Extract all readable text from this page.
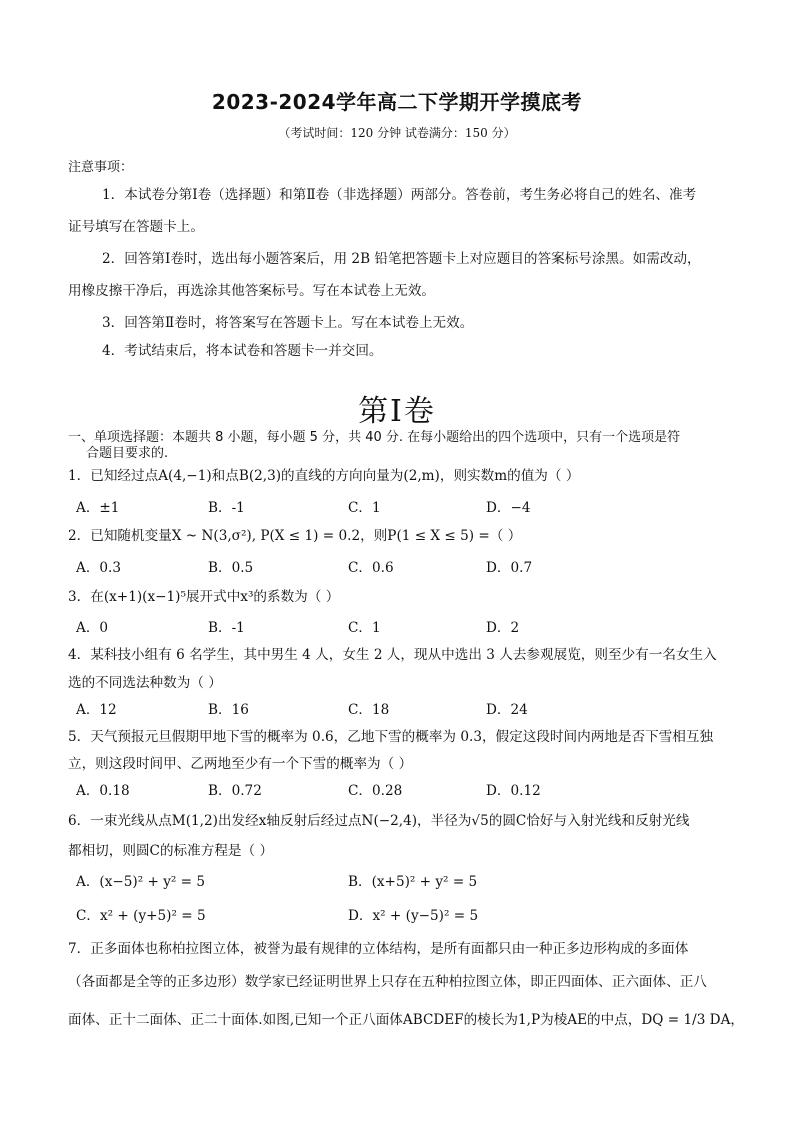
2023-2024学年高二下学期开学摸底考
（考试时间：120 分钟 试卷满分：150 分）
注意事项：
1．本试卷分第Ⅰ卷（选择题）和第Ⅱ卷（非选择题）两部分。答卷前，考生务必将自己的姓名、准考
证号填写在答题卡上。
2．回答第Ⅰ卷时，选出每小题答案后，用 2B 铅笔把答题卡上对应题目的答案标号涂黑。如需改动，
用橡皮擦干净后，再选涂其他答案标号。写在本试卷上无效。
3．回答第Ⅱ卷时，将答案写在答题卡上。写在本试卷上无效。
4．考试结束后，将本试卷和答题卡一并交回。
第Ⅰ卷
一、单项选择题：本题共 8 小题，每小题 5 分，共 40 分. 在每小题给出的四个选项中，只有一个选项是符
合题目要求的.
1．已知经过点A(4,−1)和点B(2,3)的直线的方向向量为(2,m)，则实数m的值为（ ）
A．±1	B．-1	C．1	D．−4
2．已知随机变量X ~ N(3,σ²), P(X ≤ 1) = 0.2，则P(1 ≤ X ≤ 5) =（ ）
A．0.3	B．0.5	C．0.6	D．0.7
3．在(x+1)(x−1)⁵展开式中x³的系数为（ ）
A．0	B．-1	C．1	D．2
4．某科技小组有 6 名学生，其中男生 4 人，女生 2 人，现从中选出 3 人去参观展览，则至少有一名女生入
选的不同选法种数为（ ）
A．12	B．16	C．18	D．24
5．天气预报元旦假期甲地下雪的概率为 0.6，乙地下雪的概率为 0.3，假定这段时间内两地是否下雪相互独
立，则这段时间甲、乙两地至少有一个下雪的概率为（ ）
A．0.18	B．0.72	C．0.28	D．0.12
6．一束光线从点M(1,2)出发经x轴反射后经过点N(−2,4)，半径为√5的圆C恰好与入射光线和反射光线
都相切，则圆C的标准方程是（ ）
A．(x−5)² + y² = 5	B．(x+5)² + y² = 5
C．x² + (y+5)² = 5	D．x² + (y−5)² = 5
7．正多面体也称柏拉图立体，被誉为最有规律的立体结构，是所有面都只由一种正多边形构成的多面体
（各面都是全等的正多边形）数学家已经证明世界上只存在五种柏拉图立体，即正四面体、正六面体、正八
面体、正十二面体、正二十面体.如图,已知一个正八面体ABCDEF的棱长为1,P为棱AE的中点，DQ = 1/3 DA，
